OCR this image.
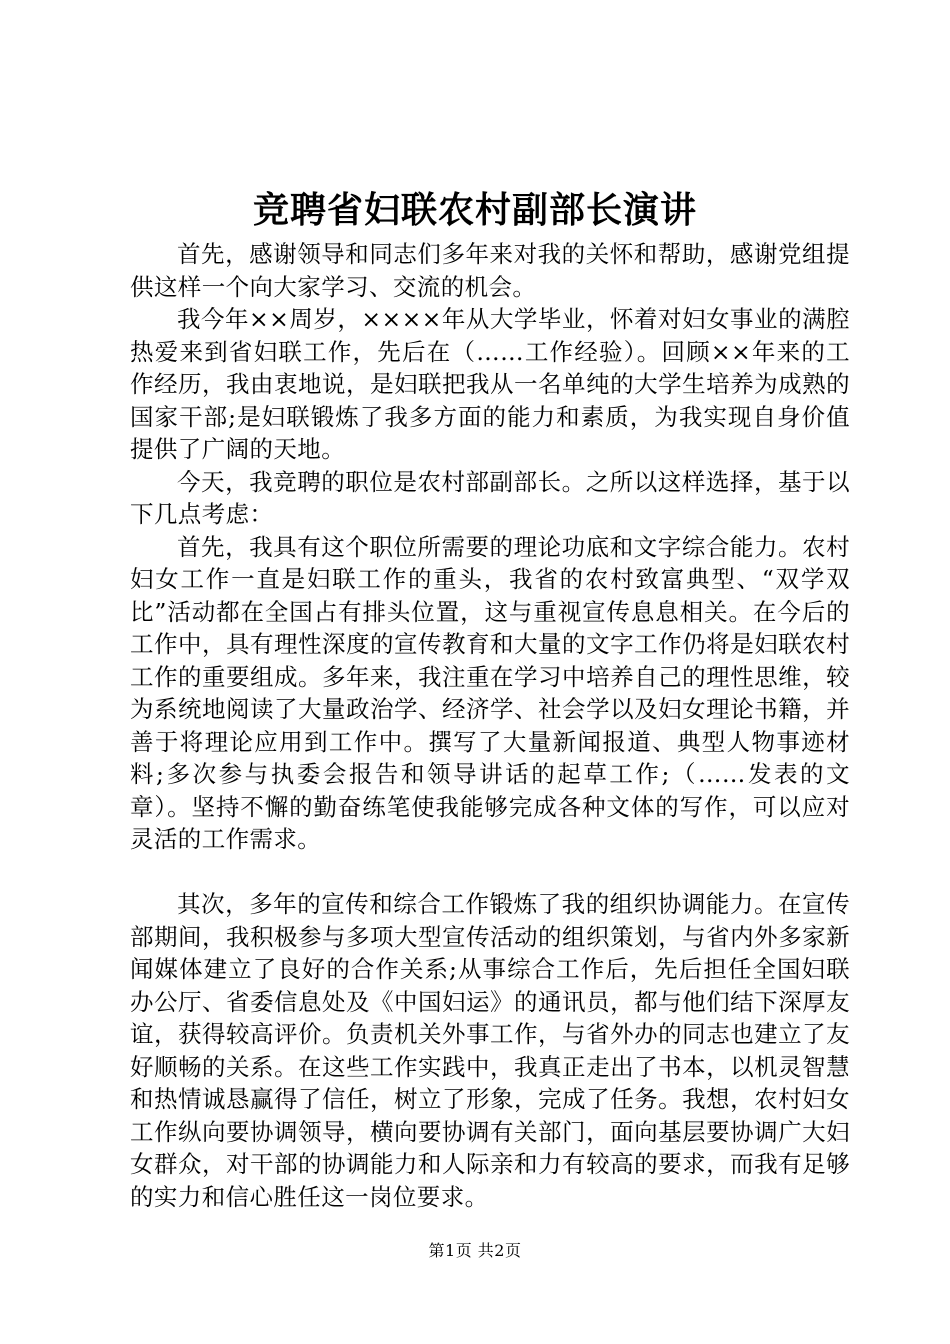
竞聘省妇联农村副部长演讲

首先，感谢领导和同志们多年来对我的关怀和帮助，感谢党组提供这样一个向大家学习、交流的机会。

我今年××周岁，××××年从大学毕业，怀着对妇女事业的满腔热爱来到省妇联工作，先后在（……工作经验）。回顾××年来的工作经历，我由衷地说，是妇联把我从一名单纯的大学生培养为成熟的国家干部;是妇联锻炼了我多方面的能力和素质，为我实现自身价值提供了广阔的天地。

今天，我竞聘的职位是农村部副部长。之所以这样选择，基于以下几点考虑：

首先，我具有这个职位所需要的理论功底和文字综合能力。农村妇女工作一直是妇联工作的重头，我省的农村致富典型、“双学双比”活动都在全国占有排头位置，这与重视宣传息息相关。在今后的工作中，具有理性深度的宣传教育和大量的文字工作仍将是妇联农村工作的重要组成。多年来，我注重在学习中培养自己的理性思维，较为系统地阅读了大量政治学、经济学、社会学以及妇女理论书籍，并善于将理论应用到工作中。撰写了大量新闻报道、典型人物事迹材料;多次参与执委会报告和领导讲话的起草工作;（……发表的文章）。坚持不懈的勤奋练笔使我能够完成各种文体的写作，可以应对灵活的工作需求。

其次，多年的宣传和综合工作锻炼了我的组织协调能力。在宣传部期间，我积极参与多项大型宣传活动的组织策划，与省内外多家新闻媒体建立了良好的合作关系;从事综合工作后，先后担任全国妇联办公厅、省委信息处及《中国妇运》的通讯员，都与他们结下深厚友谊，获得较高评价。负责机关外事工作，与省外办的同志也建立了友好顺畅的关系。在这些工作实践中，我真正走出了书本，以机灵智慧和热情诚恳赢得了信任，树立了形象，完成了任务。我想，农村妇女工作纵向要协调领导，横向要协调有关部门，面向基层要协调广大妇女群众，对干部的协调能力和人际亲和力有较高的要求，而我有足够的实力和信心胜任这一岗位要求。

第1页 共2页
